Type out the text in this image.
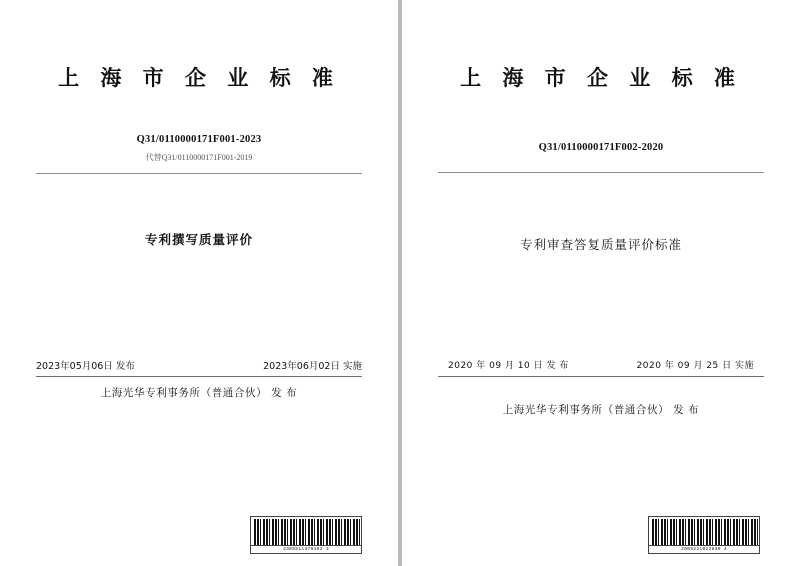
上 海 市 企 业 标 准
Q31/0110000171F001-2023
代替Q31/0110000171F001-2019
专利撰写质量评价
2023年05月06日 发布	2023年06月02日 实施
上海光华专利事务所（普通合伙） 发 布
2305511476102 3
上 海 市 企 业 标 准
Q31/0110000171F002-2020
专利审查答复质量评价标准
2020 年 09 月 10 日 发 布	2020 年 09 月 25 日 实施
上海光华专利事务所（普通合伙） 发 布
2009221022830 4
